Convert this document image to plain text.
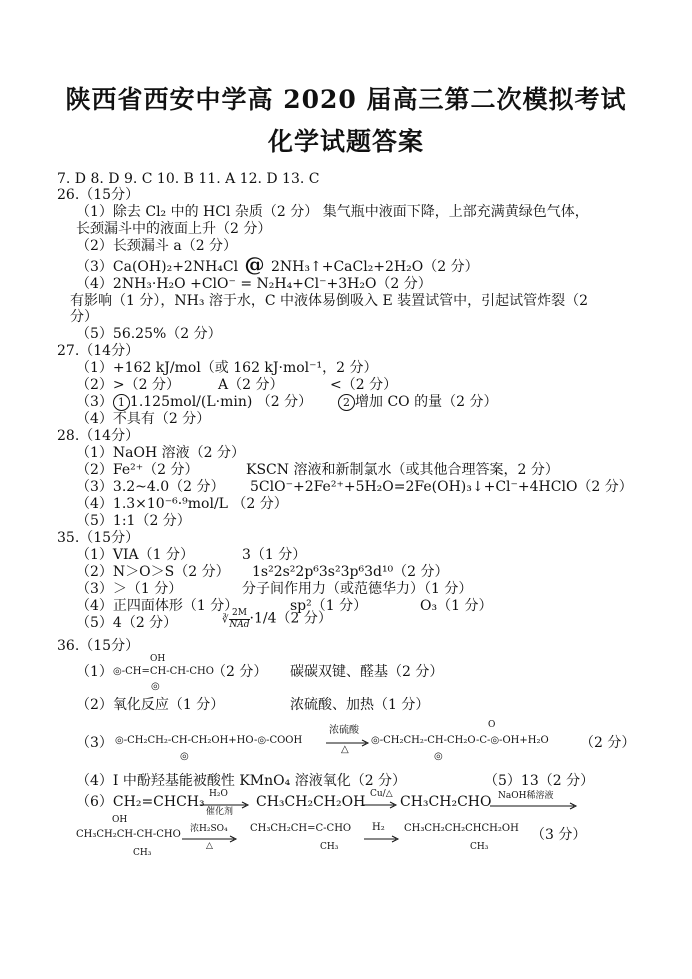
陕西省西安中学高 2020 届高三第二次模拟考试
化学试题答案
7. D 8. D 9. C 10. B 11. A 12. D 13. C
26.（15分）
（1）除去 Cl₂ 中的 HCl 杂质（2 分） 集气瓶中液面下降，上部充满黄绿色气体，
长颈漏斗中的液面上升（2 分）
（2）长颈漏斗 a（2 分）
（3）Ca(OH)₂+2NH₄Cl @ 2NH₃↑+CaCl₂+2H₂O（2 分）
（4）2NH₃·H₂O +ClO⁻ = N₂H₄+Cl⁻+3H₂O（2 分）
有影响（1 分），NH₃ 溶于水，C 中液体易倒吸入 E 装置试管中，引起试管炸裂（2
分）
（5）56.25%（2 分）
27.（14分）
（1）+162 kJ/mol（或 162 kJ·mol⁻¹，2 分）
（2）>（2 分）	A（2 分）	<（2 分）
（3） 1 1.125mol/(L·min) （2 分）	2 增加 CO 的量（2 分）
（4）不具有（2 分）
28.（14分）
（1）NaOH 溶液（2 分）
（2）Fe²⁺（2 分）	KSCN 溶液和新制氯水（或其他合理答案，2 分）
（3）3.2~4.0（2 分） 5ClO⁻+2Fe²⁺+5H₂O=2Fe(OH)₃↓+Cl⁻+4HClO（2 分）
（4）1.3×10⁻⁶·⁹mol/L （2 分）
（5）1:1（2 分）
35.（15分）
（1）VIA（1 分）	3（1 分）
（2）N＞O＞S（2 分） 1s²2s²2p⁶3s²3p⁶3d¹⁰（2 分）
（3）＞（1 分）	分子间作用力（或范德华力）（1 分）
（4）正四面体形（1 分）	sp²（1 分）	O₃（1 分）
（5）4（2 分）	∛
2M
NAd ·1/4（2 分）
36.（15分）
（1）
OH
◎-CH=CH-CH-CHO
◎
（2 分） 碳碳双键、醛基（2 分）
（2）氧化反应（1 分）	浓硫酸、加热（1 分）
（3） ◎-CH₂CH₂-CH-CH₂OH+HO-◎-COOH
◎
浓硫酸
△
O
◎-CH₂CH₂-CH-CH₂O-C-◎-OH+H₂O
◎
（2 分）
（4）I 中酚羟基能被酸性 KMnO₄ 溶液氧化（2 分）	（5）13（2 分）
（6）CH₂=CHCH₃ H₂O
催化剂
CH₃CH₂CH₂OH Cu/△ CH₃CH₂CHO NaOH稀溶液
OH
CH₃CH₂CH-CH-CHO
CH₃
浓H₂SO₄
△
CH₃CH₂CH=C-CHO
CH₃
H₂ CH₃CH₂CH₂CHCH₂OH
CH₃
（3 分）
